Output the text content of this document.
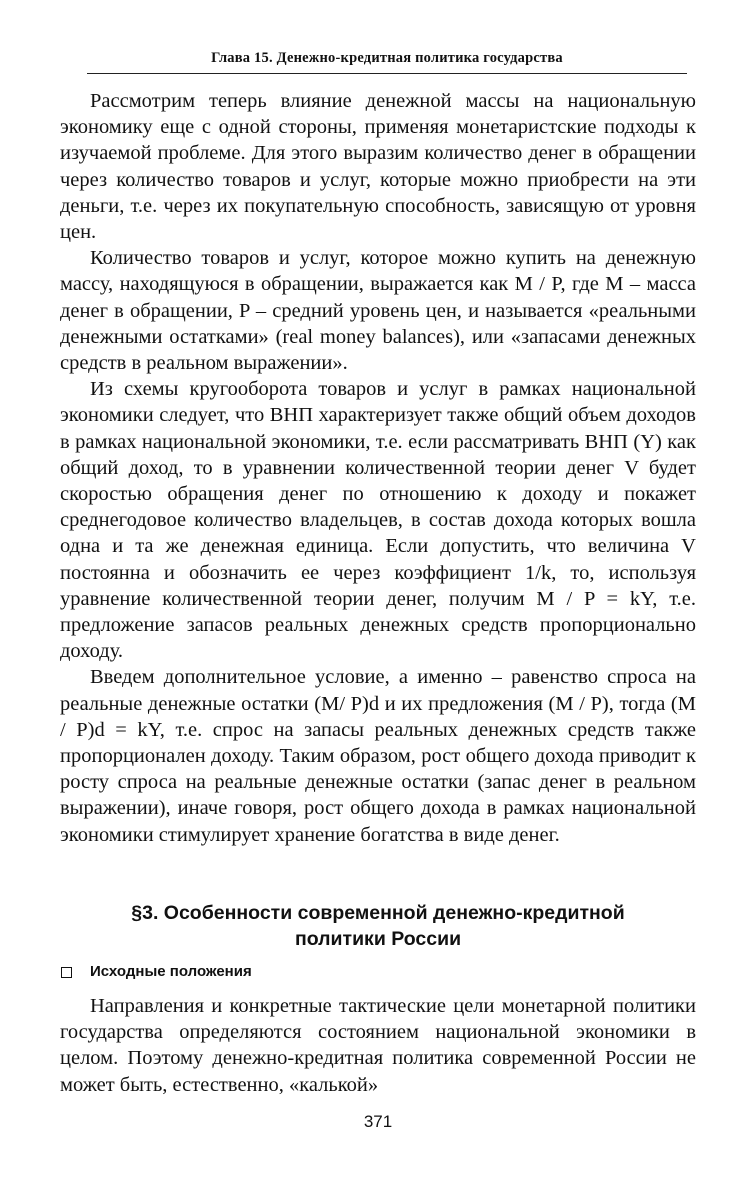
Глава 15. Денежно-кредитная политика государства

Рассмотрим теперь влияние денежной массы на национальную экономику еще с одной стороны, применяя монетаристские подходы к изучаемой проблеме. Для этого выразим количество денег в обращении через количество товаров и услуг, которые можно приобрести на эти деньги, т.е. через их покупательную способность, зависящую от уровня цен.

Количество товаров и услуг, которое можно купить на денежную массу, находящуюся в обращении, выражается как M / P, где M – масса денег в обращении, P – средний уровень цен, и называется «реальными денежными остатками» (real money balances), или «запасами денежных средств в реальном выражении».

Из схемы кругооборота товаров и услуг в рамках национальной экономики следует, что ВНП характеризует также общий объем доходов в рамках национальной экономики, т.е. если рассматривать ВНП (Y) как общий доход, то в уравнении количественной теории денег V будет скоростью обращения денег по отношению к доходу и покажет среднегодовое количество владельцев, в состав дохода которых вошла одна и та же денежная единица. Если допустить, что величина V постоянна и обозначить ее через коэффициент 1/k, то, используя уравнение количественной теории денег, получим M / P = kY, т.е. предложение запасов реальных денежных средств пропорционально доходу.

Введем дополнительное условие, а именно – равенство спроса на реальные денежные остатки (M/ P)d и их предложения (M / P), тогда (M / P)d = kY, т.е. спрос на запасы реальных денежных средств также пропорционален доходу. Таким образом, рост общего дохода приводит к росту спроса на реальные денежные остатки (запас денег в реальном выражении), иначе говоря, рост общего дохода в рамках национальной экономики стимулирует хранение богатства в виде денег.

§3. Особенности современной денежно-кредитной
политики России
Исходные положения

Направления и конкретные тактические цели монетарной политики государства определяются состоянием национальной экономики в целом. Поэтому денежно-кредитная политика современной России не может быть, естественно, «калькой»

371
